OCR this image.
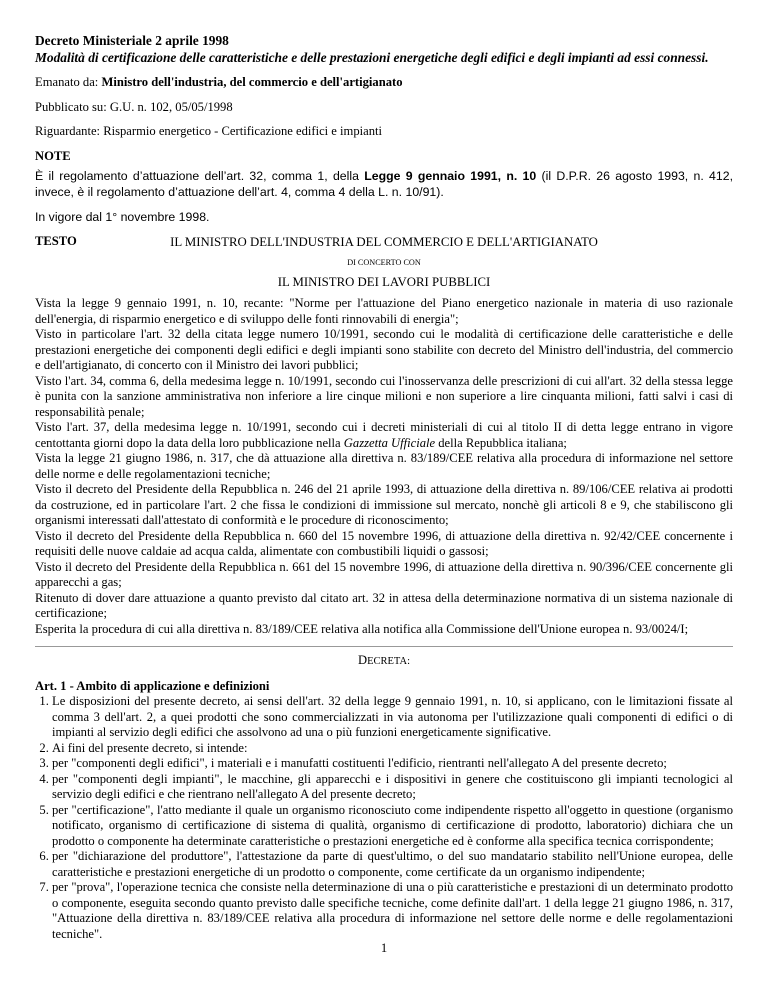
Decreto Ministeriale 2 aprile 1998
Modalità di certificazione delle caratteristiche e delle prestazioni energetiche degli edifici e degli impianti ad essi connessi.
Emanato da: Ministro dell'industria, del commercio e dell'artigianato
Pubblicato su: G.U. n. 102, 05/05/1998
Riguardante: Risparmio energetico - Certificazione edifici e impianti
NOTE
È il regolamento d’attuazione dell’art. 32, comma 1, della Legge 9 gennaio 1991, n. 10 (il D.P.R. 26 agosto 1993, n. 412, invece, è il regolamento d’attuazione dell’art. 4, comma 4 della L. n. 10/91).
In vigore dal 1° novembre 1998.
TESTO	IL MINISTRO DELL'INDUSTRIA DEL COMMERCIO E DELL'ARTIGIANATO
DI CONCERTO CON
IL MINISTRO DEI LAVORI PUBBLICI
Vista la legge 9 gennaio 1991, n. 10, recante: "Norme per l'attuazione del Piano energetico nazionale in materia di uso razionale dell'energia, di risparmio energetico e di sviluppo delle fonti rinnovabili di energia";
Visto in particolare l'art. 32 della citata legge numero 10/1991, secondo cui le modalità di certificazione delle caratteristiche e delle prestazioni energetiche dei componenti degli edifici e degli impianti sono stabilite con decreto del Ministro dell'industria, del commercio e dell'artigianato, di concerto con il Ministro dei lavori pubblici;
Visto l'art. 34, comma 6, della medesima legge n. 10/1991, secondo cui l'inosservanza delle prescrizioni di cui all'art. 32 della stessa legge è punita con la sanzione amministrativa non inferiore a lire cinque milioni e non superiore a lire cinquanta milioni, fatti salvi i casi di responsabilità penale;
Visto l'art. 37, della medesima legge n. 10/1991, secondo cui i decreti ministeriali di cui al titolo II di detta legge entrano in vigore centottanta giorni dopo la data della loro pubblicazione nella Gazzetta Ufficiale della Repubblica italiana;
Vista la legge 21 giugno 1986, n. 317, che dà attuazione alla direttiva n. 83/189/CEE relativa alla procedura di informazione nel settore delle norme e delle regolamentazioni tecniche;
Visto il decreto del Presidente della Repubblica n. 246 del 21 aprile 1993, di attuazione della direttiva n. 89/106/CEE relativa ai prodotti da costruzione, ed in particolare l'art. 2 che fissa le condizioni di immissione sul mercato, nonchè gli articoli 8 e 9, che stabiliscono gli organismi interessati dall'attestato di conformità e le procedure di riconoscimento;
Visto il decreto del Presidente della Repubblica n. 660 del 15 novembre 1996, di attuazione della direttiva n. 92/42/CEE concernente i requisiti delle nuove caldaie ad acqua calda, alimentate con combustibili liquidi o gassosi;
Visto il decreto del Presidente della Repubblica n. 661 del 15 novembre 1996, di attuazione della direttiva n. 90/396/CEE concernente gli apparecchi a gas;
Ritenuto di dover dare attuazione a quanto previsto dal citato art. 32 in attesa della determinazione normativa di un sistema nazionale di certificazione;
Esperita la procedura di cui alla direttiva n. 83/189/CEE relativa alla notifica alla Commissione dell'Unione europea n. 93/0024/I;
DECRETA:
Art. 1 - Ambito di applicazione e definizioni
1. Le disposizioni del presente decreto, ai sensi dell'art. 32 della legge 9 gennaio 1991, n. 10, si applicano, con le limitazioni fissate al comma 3 dell'art. 2, a quei prodotti che sono commercializzati in via autonoma per l'utilizzazione quali componenti di edifici o di impianti al servizio degli edifici che assolvono ad una o più funzioni energeticamente significative.
2. Ai fini del presente decreto, si intende:
3. per "componenti degli edifici", i materiali e i manufatti costituenti l'edificio, rientranti nell'allegato A del presente decreto;
4. per "componenti degli impianti", le macchine, gli apparecchi e i dispositivi in genere che costituiscono gli impianti tecnologici al servizio degli edifici e che rientrano nell'allegato A del presente decreto;
5. per "certificazione", l'atto mediante il quale un organismo riconosciuto come indipendente rispetto all'oggetto in questione (organismo notificato, organismo di certificazione di sistema di qualità, organismo di certificazione di prodotto, laboratorio) dichiara che un prodotto o componente ha determinate caratteristiche o prestazioni energetiche ed è conforme alla specifica tecnica corrispondente;
6. per "dichiarazione del produttore", l'attestazione da parte di quest'ultimo, o del suo mandatario stabilito nell'Unione europea, delle caratteristiche e prestazioni energetiche di un prodotto o componente, come certificate da un organismo indipendente;
7. per "prova", l'operazione tecnica che consiste nella determinazione di una o più caratteristiche e prestazioni di un determinato prodotto o componente, eseguita secondo quanto previsto dalle specifiche tecniche, come definite dall'art. 1 della legge 21 giugno 1986, n. 317, "Attuazione della direttiva n. 83/189/CEE relativa alla procedura di informazione nel settore delle norme e delle regolamentazioni tecniche".
1
